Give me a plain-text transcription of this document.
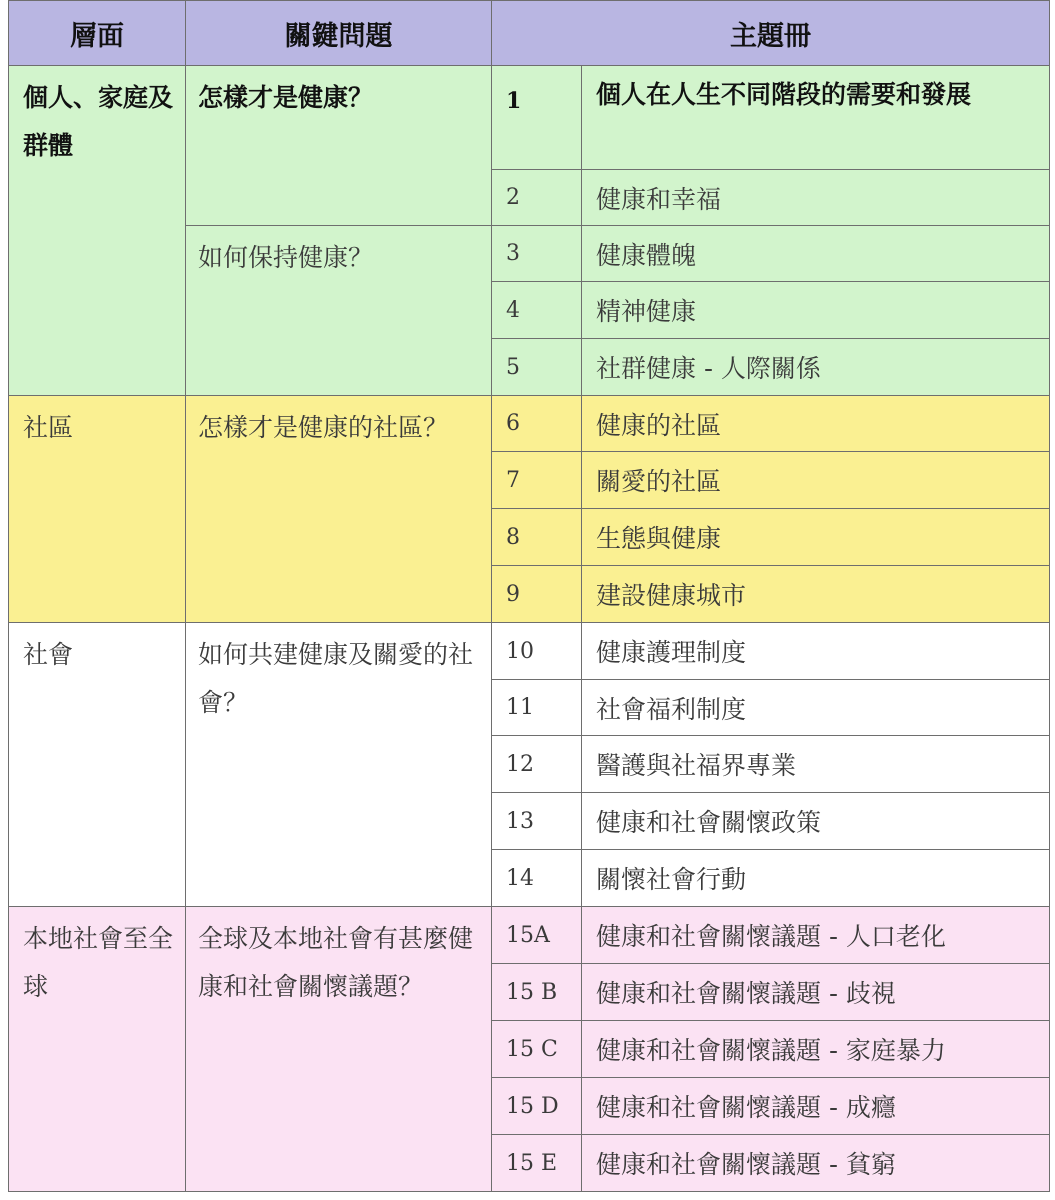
層面	關鍵問題	主題冊	
個人、家庭及群體	怎樣才是健康？	1	個人在人生不同階段的需要和發展
		2	健康和幸福
	如何保持健康？	3	健康體魄
		4	精神健康
		5	社群健康 - 人際關係
社區	怎樣才是健康的社區？	6	健康的社區
		7	關愛的社區
		8	生態與健康
		9	建設健康城市
社會	如何共建健康及關愛的社會？	10	健康護理制度
		11	社會福利制度
		12	醫護與社福界專業
		13	健康和社會關懷政策
		14	關懷社會行動
本地社會至全球	全球及本地社會有甚麼健康和社會關懷議題？	15A	健康和社會關懷議題 - 人口老化
		15 B	健康和社會關懷議題 - 歧視
		15 C	健康和社會關懷議題 - 家庭暴力
		15 D	健康和社會關懷議題 - 成癮
		15 E	健康和社會關懷議題 - 貧窮
